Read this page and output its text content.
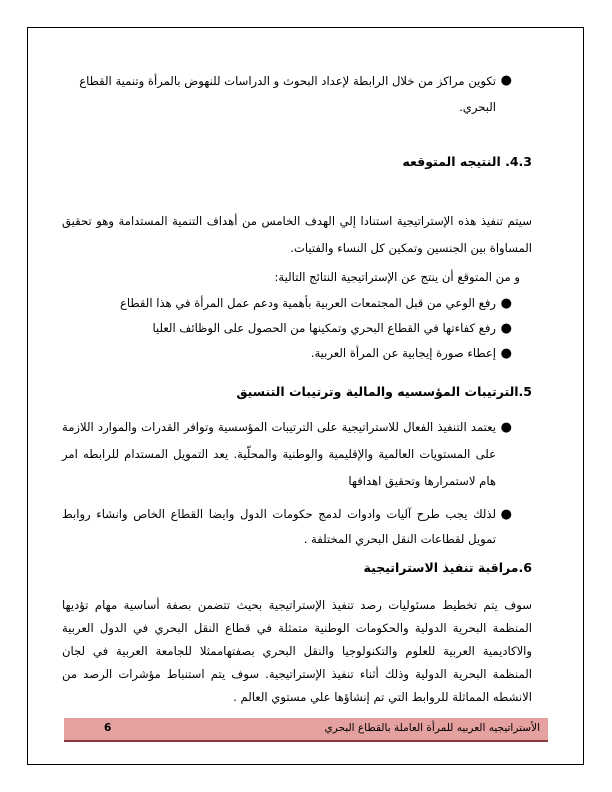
●
تكوين مراكز من خلال الرابطة لإعداد البحوث و الدراسات للنهوض بالمرأة وتنمية القطاع البحري.

4.3. النتيجه المتوقعه

سيتم تنفيذ هذه الإستراتيجية استنادا إلي الهدف الخامس من أهداف التنمية المستدامة وهو تحقيق المساواة بين الجنسين وتمكين كل النساء والفتيات.

و من المتوقع أن ينتج عن الإستراتيجية النتائج التالية:

●
رفع الوعي من قبل المجتمعات العربية بأهمية ودعم عمل المرأة في هذا القطاع
●
رفع كفاءتها في القطاع البحري وتمكينها من الحصول على الوظائف العليا
●
إعطاء صورة إيجابية عن المرأة العربية.

5.الترتيبات المؤسسيه والمالية وترتيبات التنسيق

●
يعتمد التنفيذ الفعال للاستراتيجية على الترتيبات المؤسسية وتوافر القدرات والموارد اللازمة على المستويات العالمية والإقليمية والوطنية والمحلّية. يعد التمويل المستدام للرابطه امر هام لاستمرارها وتحقيق اهدافها
●
لذلك يجب طرح آليات وادوات لدمج حكومات الدول وايضا القطاع الخاص وانشاء روابط تمويل لقطاعات النقل البحري المختلفة .

6.مراقبة تنفيذ الاستراتيجية

سوف يتم تخطيط مسئوليات رصد تنفيذ الإستراتيجية بحيث تتضمن بصفة أساسية مهام تؤديها المنظمة البحرية الدولية والحكومات الوطنية متمثلة في قطاع النقل البحري في الدول العربية والاكاديمية العربية للعلوم والتكنولوجيا والنقل البحري بصفتهاممثلا للجامعة العربية في لجان المنظمة البحرية الدولية وذلك أثناء تنفيذ الإستراتيجية. سوف يتم استنباط مؤشرات الرصد من الانشطه المماثلة للروابط التي تم إنشاؤها علي مستوي العالم .

الأستراتيجيه العربيه للمرأة العاملة بالقطاع البحري
6
